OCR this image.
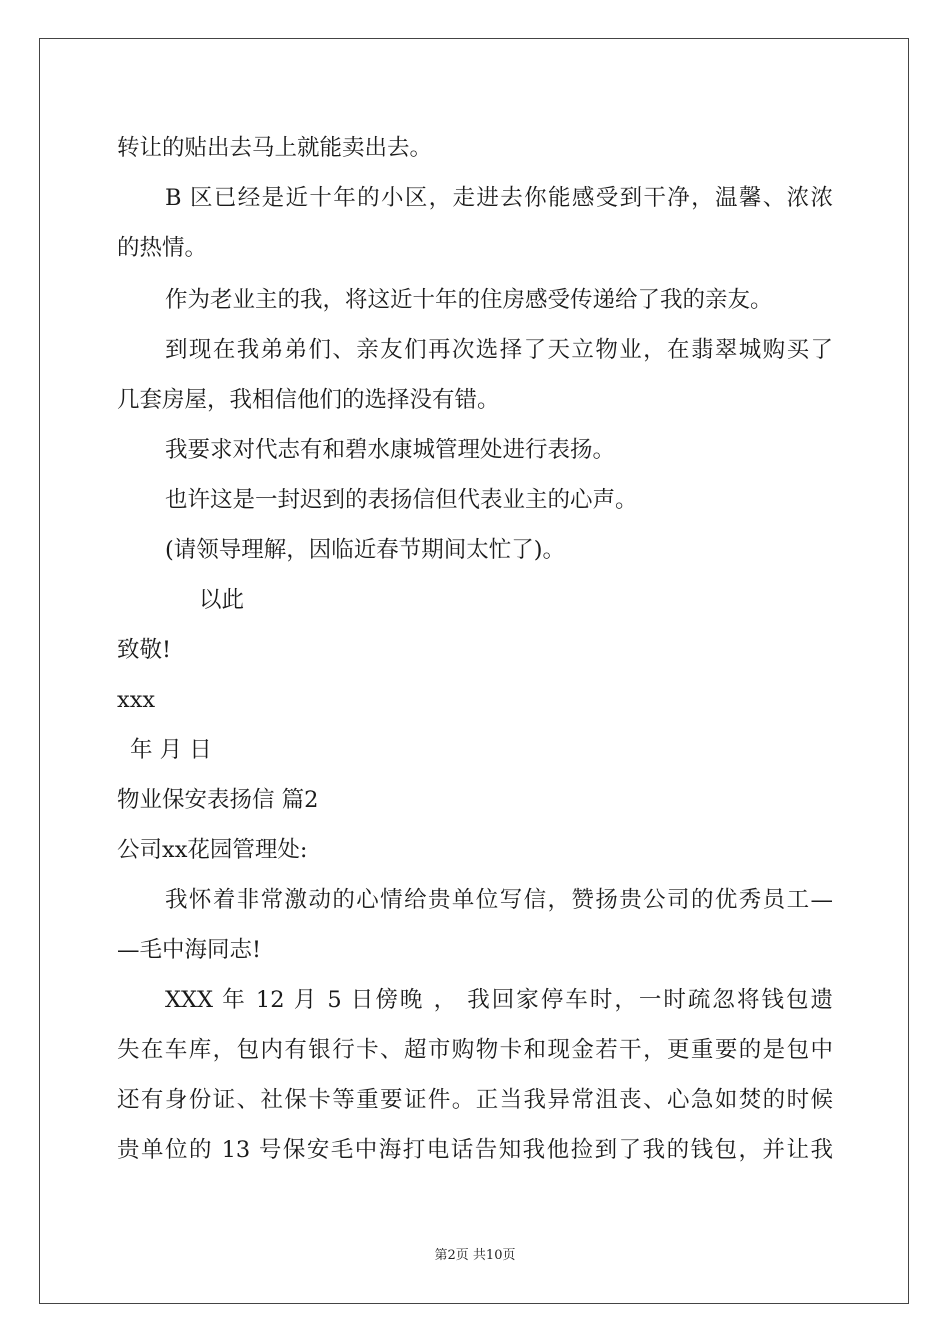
转让的贴出去马上就能卖出去。
B 区已经是近十年的小区，走进去你能感受到干净，温馨、浓浓
的热情。
作为老业主的我，将这近十年的住房感受传递给了我的亲友。
到现在我弟弟们、亲友们再次选择了天立物业，在翡翠城购买了
几套房屋，我相信他们的选择没有错。
我要求对代志有和碧水康城管理处进行表扬。
也许这是一封迟到的表扬信但代表业主的心声。
(请领导理解，因临近春节期间太忙了)。
以此
致敬!
xxx
年 月 日
物业保安表扬信 篇2
公司xx花园管理处:
我怀着非常激动的心情给贵单位写信，赞扬贵公司的优秀员工—
—毛中海同志!
XXX 年 12 月 5 日傍晚 ， 我回家停车时，一时疏忽将钱包遗
失在车库，包内有银行卡、超市购物卡和现金若干，更重要的是包中
还有身份证、社保卡等重要证件。正当我异常沮丧、心急如焚的时候
贵单位的 13 号保安毛中海打电话告知我他捡到了我的钱包，并让我
第2页 共10页
